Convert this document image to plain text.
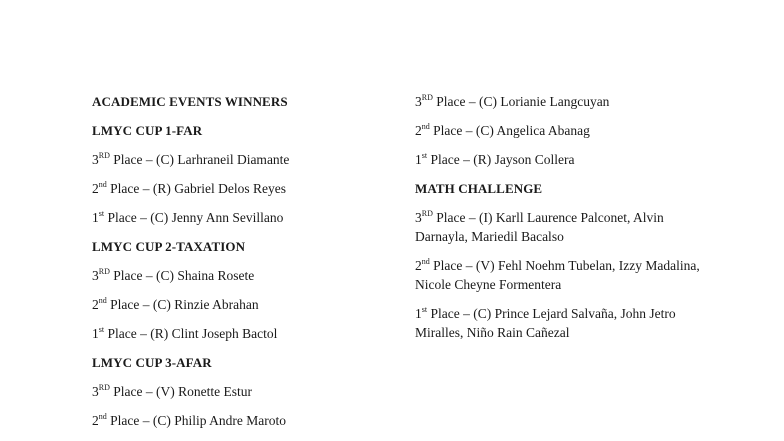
ACADEMIC EVENTS WINNERS
LMYC CUP 1-FAR
3RD Place – (C) Larhraneil Diamante
2nd Place – (R) Gabriel Delos Reyes
1st Place – (C) Jenny Ann Sevillano
LMYC CUP 2-TAXATION
3RD Place – (C) Shaina Rosete
2nd Place – (C) Rinzie Abrahan
1st Place – (R) Clint Joseph Bactol
LMYC CUP 3-AFAR
3RD Place – (V) Ronette Estur
2nd Place – (C) Philip Andre Maroto
3RD Place – (C) Lorianie Langcuyan
2nd Place – (C) Angelica Abanag
1st Place – (R) Jayson Collera
MATH CHALLENGE
3RD Place – (I) Karll Laurence Palconet, Alvin Darnayla, Mariedil Bacalso
2nd Place – (V) Fehl Noehm Tubelan, Izzy Madalina, Nicole Cheyne Formentera
1st Place – (C) Prince Lejard Salvaña, John Jetro Miralles, Niño Rain Cañezal
